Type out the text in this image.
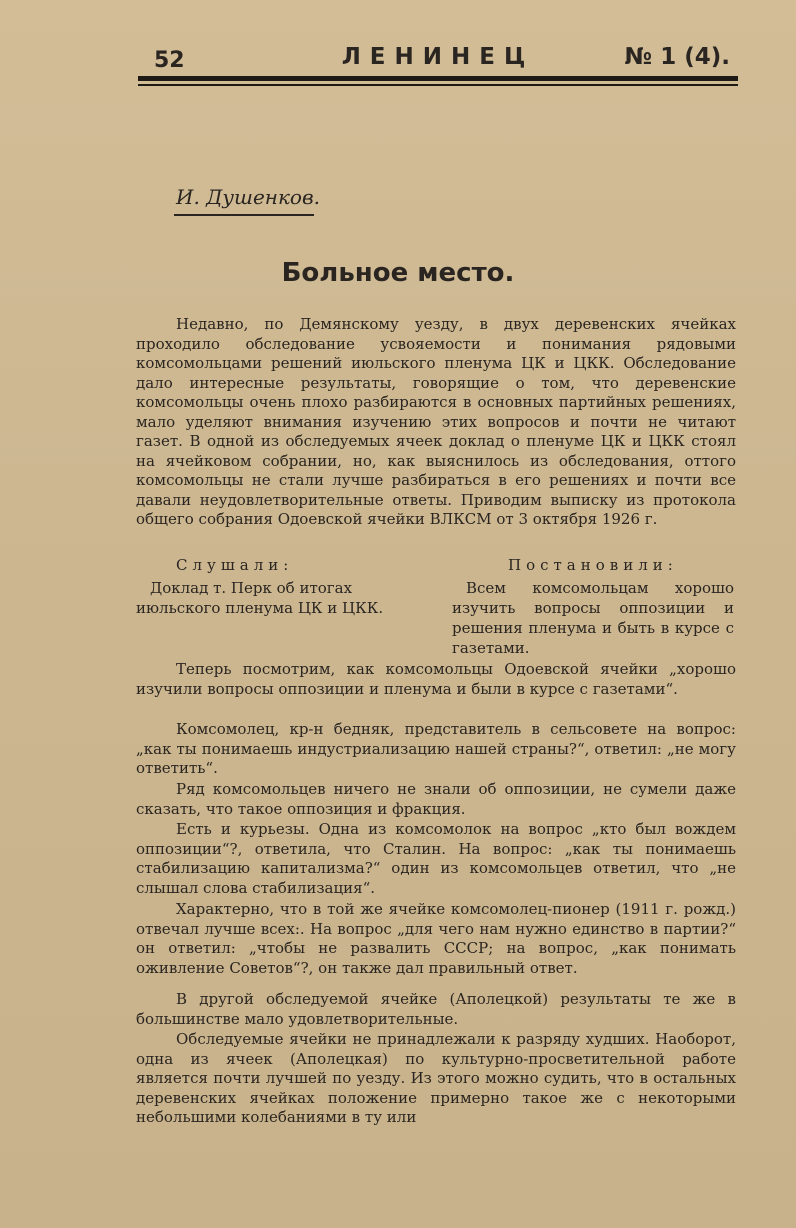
52	ЛЕНИНЕЦ	№ 1 (4).
И. Душенков.
Больное место.

Недавно, по Демянскому уезду, в двух деревенских ячейках проходило обследование усвояемости и понимания рядовыми комсомольцами решений июльского пленума ЦК и ЦКК. Обследование дало интересные результаты, говорящие о том, что деревенские комсомольцы очень плохо разбираются в основных партийных решениях, мало уделяют внимания изучению этих вопросов и почти не читают газет. В одной из обследуемых ячеек доклад о пленуме ЦК и ЦКК стоял на ячейковом собрании, но, как выяснилось из обследования, оттого комсомольцы не стали лучше разбираться в его решениях и почти все давали неудовлетворительные ответы. Приводим выписку из протокола общего собрания Одоевской ячейки ВЛКСМ от 3 октября 1926 г.

Слушали:

Доклад т. Перк об итогах июльского пленума ЦК и ЦКК.

Постановили:

Всем комсомольцам хорошо изучить вопросы оппозиции и решения пленума и быть в курсе с газетами.

Теперь посмотрим, как комсомольцы Одоевской ячейки „хорошо изучили вопросы оппозиции и пленума и были в курсе с газетами“.

Комсомолец, кр-н бедняк, представитель в сельсовете на вопрос: „как ты понимаешь индустриализацию нашей страны?“, ответил: „не могу ответить“.

Ряд комсомольцев ничего не знали об оппозиции, не сумели даже сказать, что такое оппозиция и фракция.

Есть и курьезы. Одна из комсомолок на вопрос „кто был вождем оппозиции“?, ответила, что Сталин. На вопрос: „как ты понимаешь стабилизацию капитализма?“ один из комсомольцев ответил, что „не слышал слова стабилизация“.

Характерно, что в той же ячейке комсомолец-пионер (1911 г. рожд.) отвечал лучше всех:. На вопрос „для чего нам нужно единство в партии?“ он ответил: „чтобы не развалить СССР; на вопрос, „как понимать оживление Советов“?, он также дал правильный ответ.

В другой обследуемой ячейке (Аполецкой) результаты те же в большинстве мало удовлетворительные.

Обследуемые ячейки не принадлежали к разряду худших. Наоборот, одна из ячеек (Аполецкая) по культурно-просветительной работе является почти лучшей по уезду. Из этого можно судить, что в остальных деревенских ячейках положение примерно такое же с некоторыми небольшими колебаниями в ту или
